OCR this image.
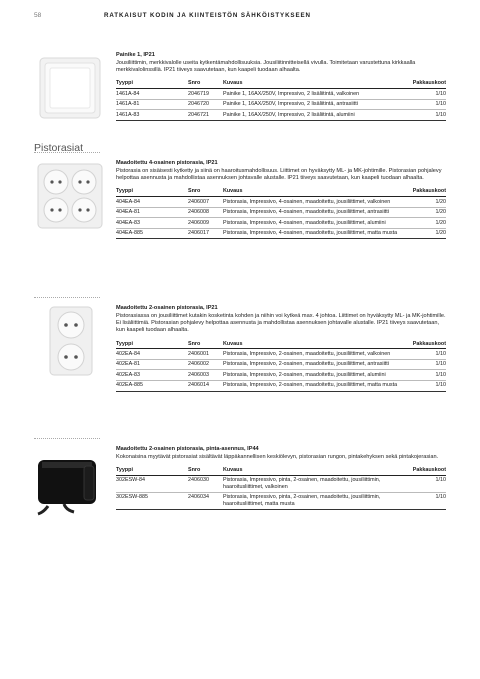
58	RATKAISUT KODIN JA KIINTEISTÖN SÄHKÖISTYKSEEN
Pistorasiat
Painike 1, IP21
Jousiliittimin, merkkivalolle useita kytkentämahdollisuuksia. Jousiliitinnitteisellä vivulla. Toimitetaan varustettuna kirkkaalla merkkivalolinssillä. IP21 tiiveys saavutetaan, kun kaapeli tuodaan alhaalta.
Tyyppi	Snro	Kuvaus	Pakkauskoot
1461A-84	2046719	Painike 1, 16AX/250V, Impressivo, 2 lisäliitintä, valkoinen	1/10
1461A-81	2046720	Painike 1, 16AX/250V, Impressivo, 2 lisäliitintä, antrasiitti	1/10
1461A-83	2046721	Painike 1, 16AX/250V, Impressivo, 2 lisäliitintä, alumiini	1/10
Maadoitettu 4-osainen pistorasia, IP21
Pistorasia on sisäisesti kytketty ja siinä on haaroitusmahdollisuus. Liittimet on hyväksytty ML- ja MK-johtimille. Pistorasian pohjalevy helpottaa asennusta ja mahdollistaa asennuksen johtavalle alustalle. IP21 tiiveys saavutetaan, kun kaapeli tuodaan alhaalta.
Tyyppi	Snro	Kuvaus	Pakkauskoot
404EA-84	2406007	Pistorasia, Impressivo, 4-osainen, maadoitettu, jousiliittimet, valkoinen	1/20
404EA-81	2406008	Pistorasia, Impressivo, 4-osainen, maadoitettu, jousiliittimet, antrasiitti	1/20
404EA-83	2406009	Pistorasia, Impressivo, 4-osainen, maadoitettu, jousiliittimet, alumiini	1/20
404EA-885	2406017	Pistorasia, Impressivo, 4-osainen, maadoitettu, jousiliittimet, matta musta	1/20
Maadoitettu 2-osainen pistorasia, IP21
Pistorasiassa on jousiliittimet kutakin kosketinta kohden ja niihin voi kytkeä max. 4 johtoa. Liittimet on hyväksytty ML- ja MK-johtimille. Ei lisäliittimiä. Pistorasian pohjalevy helpottaa asennusta ja mahdollistaa asennuksen johtavalle alustalle. IP21 tiiveys saavutetaan, kun kaapeli tuodaan alhaalta.
Tyyppi	Snro	Kuvaus	Pakkauskoot
402EA-84	2406001	Pistorasia, Impressivo, 2-osainen, maadoitettu, jousiliittimet, valkoinen	1/10
402EA-81	2406002	Pistorasia, Impressivo, 2-osainen, maadoitettu, jousiliittimet, antrasiitti	1/10
402EA-83	2406003	Pistorasia, Impressivo, 2-osainen, maadoitettu, jousiliittimet, alumiini	1/10
402EA-885	2406014	Pistorasia, Impressivo, 2-osainen, maadoitettu, jousiliittimet, matta musta	1/10
Maadoitettu 2-osainen pistorasia, pinta-asennus, IP44
Kokonaisina myytävät pistorasiat sisältävät läppäkannellisen keskiölevyn, pistorasian rungon, pintakehyksen sekä pintakojerasian.
Tyyppi	Snro	Kuvaus	Pakkauskoot
302ESW-84	2406030	Pistorasia, Impressivo, pinta, 2-osainen, maadoitettu, jousiliittimin, haaroitusliittimet, valkoinen	1/10
302ESW-885	2406034	Pistorasia, Impressivo, pinta, 2-osainen, maadoitettu, jousiliittimin, haaroitusliittimet, matta musta	1/10
